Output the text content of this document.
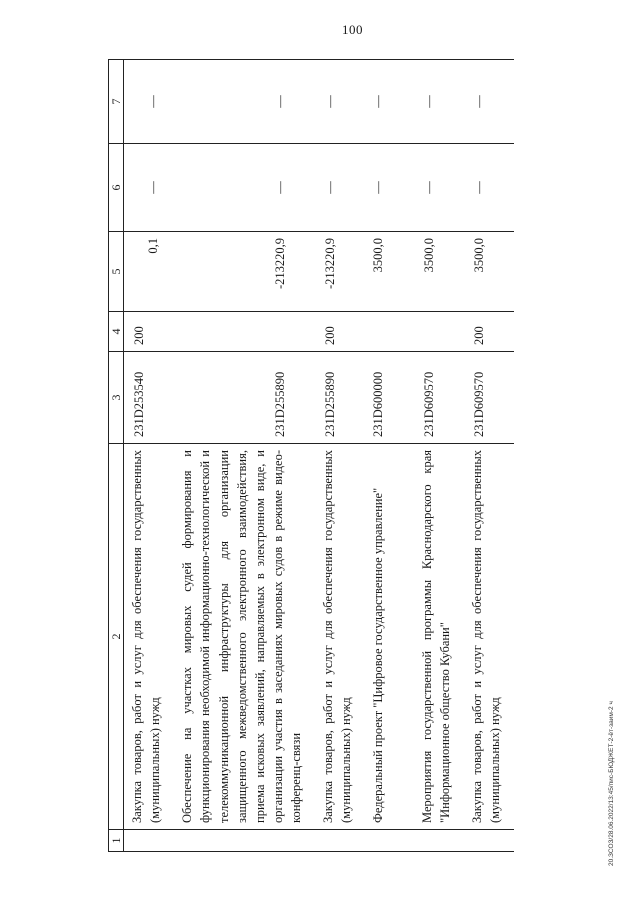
100
20.ЗСОЗ/28.06.2022/13:45/пис-БЮДЖЕТ-2-ёт-заим-2 ч
1	2	3	4	5	6	7
	Закупка товаров, работ и услуг для обеспечения государственных (муниципальных) нужд	231D253540	200	0,1	—	—
	Обеспечение на участках мировых судей формирования и функционирования необходимой информационно-технологической и телекоммуникационной инфраструктуры для организации защищенного межведомственного электронного взаимодействия, приема исковых заявлений, направляемых в электронном виде, и организации участия в заседаниях мировых судов в режиме видео-конференц-связи	231D255890		-213220,9	—	—
	Закупка товаров, работ и услуг для обеспечения государственных (муниципальных) нужд	231D255890	200	-213220,9	—	—
	Федеральный проект "Цифровое государственное управление"	231D600000		3500,0	—	—
	Мероприятия государственной программы Краснодарского края "Информационное общество Кубани"	231D609570		3500,0	—	—
	Закупка товаров, работ и услуг для обеспечения государственных (муниципальных) нужд	231D609570	200	3500,0	—	—
